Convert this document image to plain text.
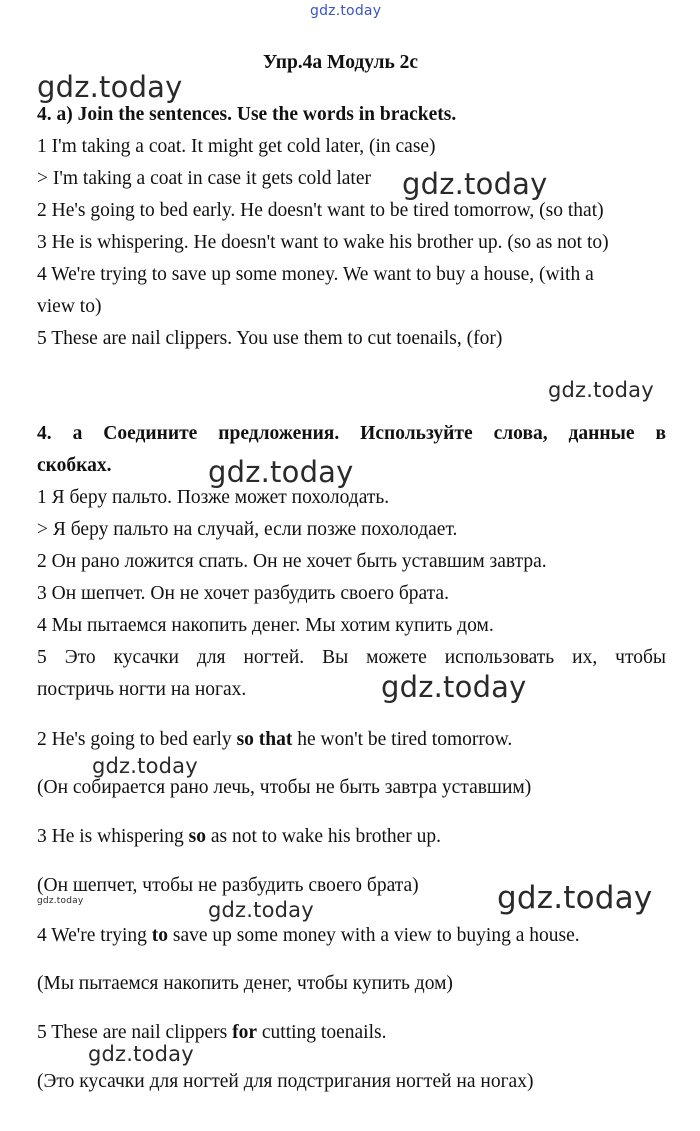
gdz.today
Упр.4а Модуль 2с
gdz.today
4. a) Join the sentences. Use the words in brackets.
1 I'm taking a coat. It might get cold later, (in case)
> I'm taking a coat in case it gets cold later gdz.today
2 He's going to bed early. He doesn't want to be tired tomorrow, (so that)
3 He is whispering. He doesn't want to wake his brother up. (so as not to)
4 We're trying to save up some money. We want to buy a house, (with a
view to)
5 These are nail clippers. You use them to cut toenails, (for)
gdz.today
4. а Соедините предложения. Используйте слова, данные в
скобках.	gdz.today
1 Я беру пальто. Позже может похолодать.
> Я беру пальто на случай, если позже похолодает.
2 Он рано ложится спать. Он не хочет быть уставшим завтра.
3 Он шепчет. Он не хочет разбудить своего брата.
4 Мы пытаемся накопить денег. Мы хотим купить дом.
5 Это кусачки для ногтей. Вы можете использовать их, чтобы
постричь ногти на ногах.	gdz.today
2 He's going to bed early so that he won't be tired tomorrow.
gdz.today
(Он собирается рано лечь, чтобы не быть завтра уставшим)
3 He is whispering so as not to wake his brother up.
(Он шепчет, чтобы не разбудить своего брата)	gdz.today
gdz.today	gdz.today
4 We're trying to save up some money with a view to buying a house.
(Мы пытаемся накопить денег, чтобы купить дом)
5 These are nail clippers for cutting toenails.
gdz.today
(Это кусачки для ногтей для подстригания ногтей на ногах)
